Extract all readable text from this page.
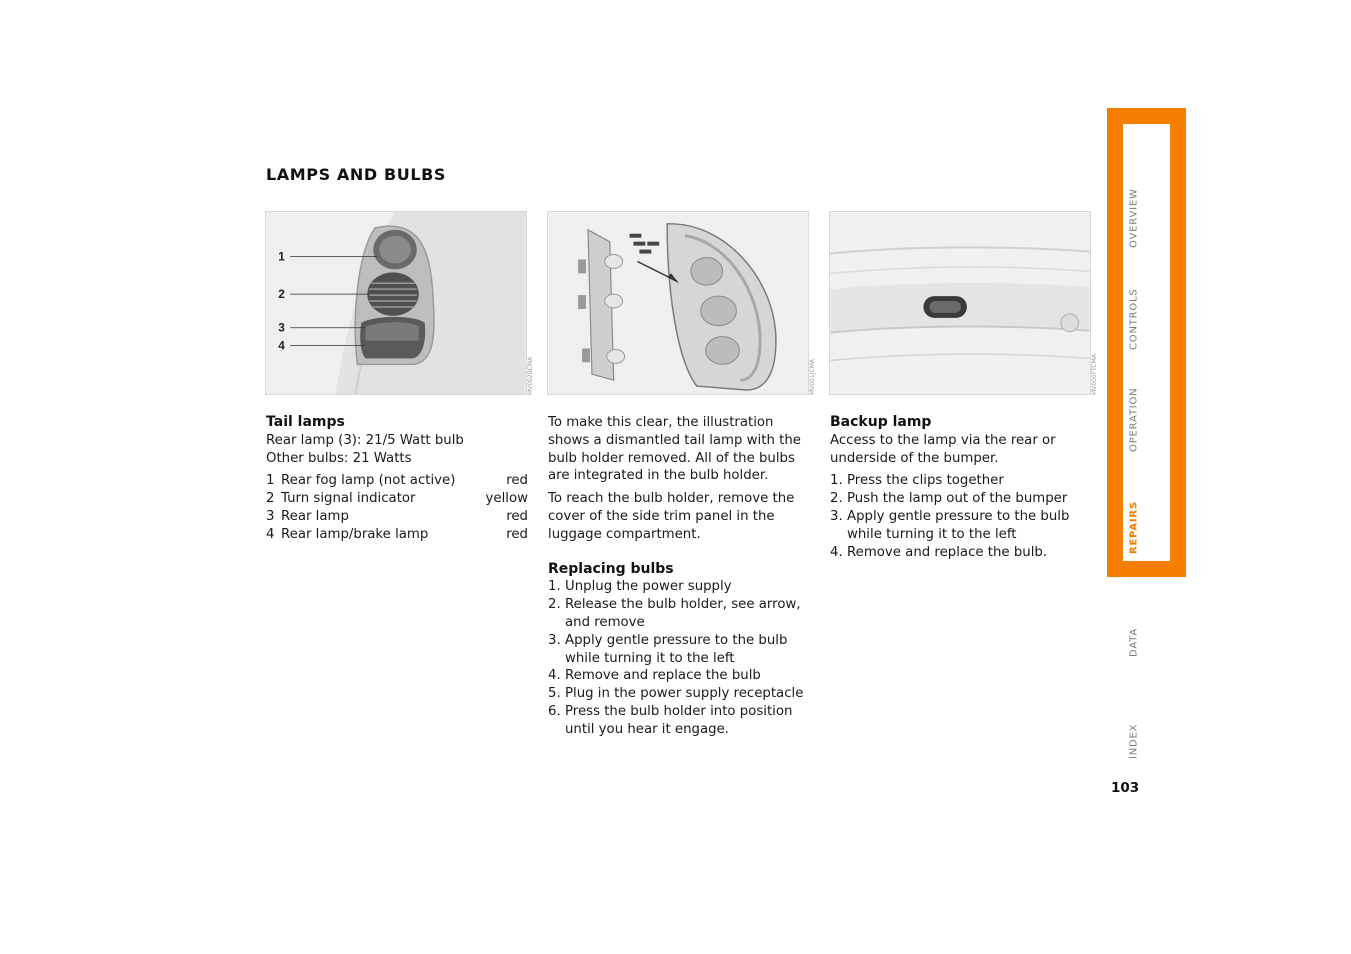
LAMPS AND BULBS
1
2
3
4
MV002BCMA	MV001JCMA	MV000FTCMA

Tail lamps

Rear lamp (3): 21/5 Watt bulb

Other bulbs: 21 Watts

1 Rear fog lamp (not active)	red
2 Turn signal indicator	yellow
3 Rear lamp	red
4 Rear lamp/brake lamp	red

To make this clear, the illustration shows a dismantled tail lamp with the bulb holder removed. All of the bulbs are integrated in the bulb holder.

To reach the bulb holder, remove the cover of the side trim panel in the luggage compartment.

Replacing bulbs

1. Unplug the power supply
2. Release the bulb holder, see arrow, and remove
3. Apply gentle pressure to the bulb while turning it to the left
4. Remove and replace the bulb
5. Plug in the power supply receptacle
6. Press the bulb holder into position until you hear it engage.

Backup lamp

Access to the lamp via the rear or underside of the bumper.

1. Press the clips together
2. Push the lamp out of the bumper
3. Apply gentle pressure to the bulb while turning it to the left
4. Remove and replace the bulb.
OVERVIEW
CONTROLS
OPERATION
REPAIRS
DATA
INDEX
103
